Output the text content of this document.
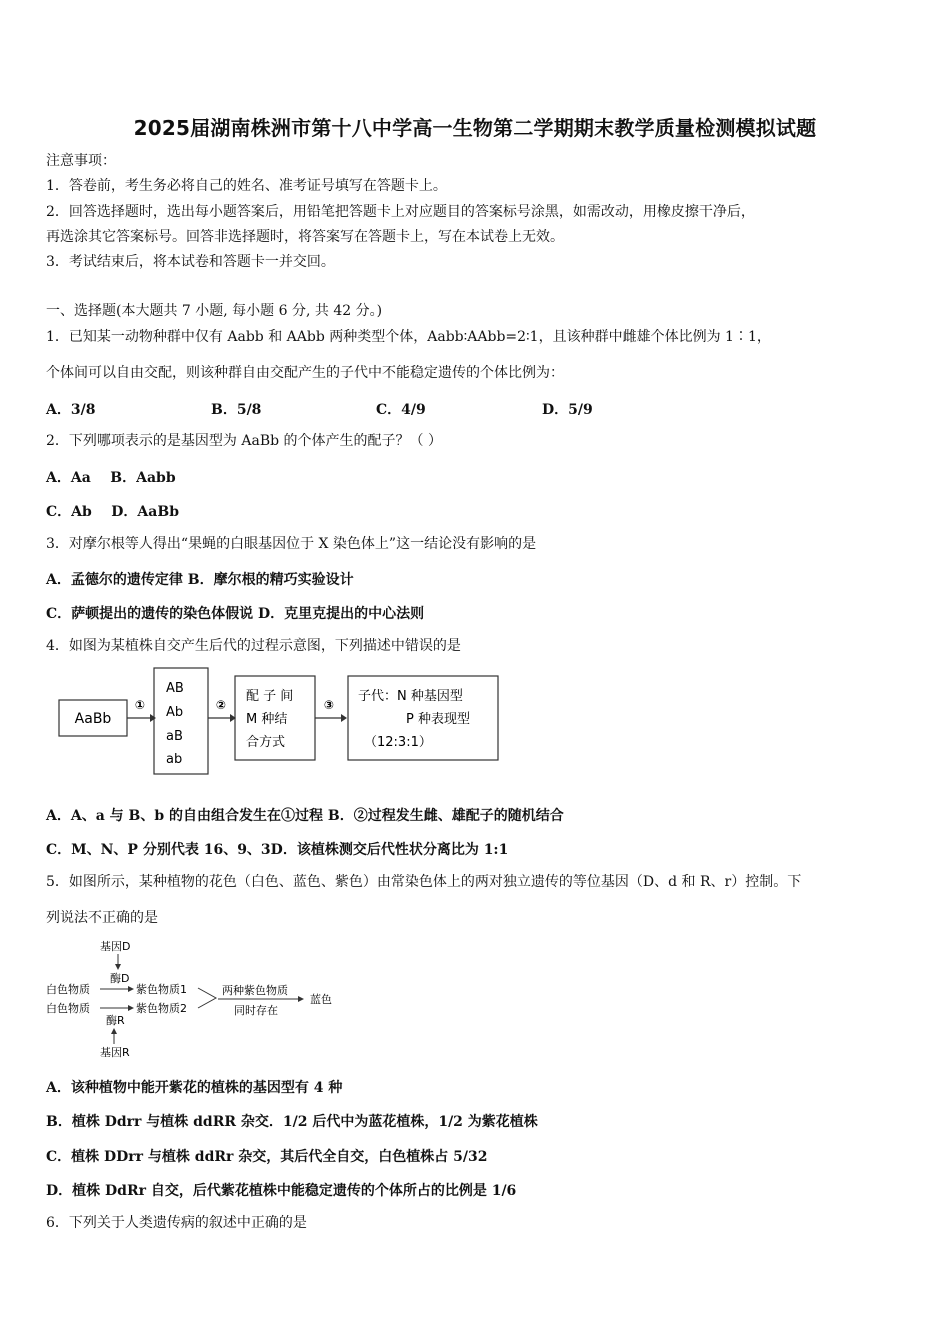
2025届湖南株洲市第十八中学高一生物第二学期期末教学质量检测模拟试题
注意事项：
1．答卷前，考生务必将自己的姓名、准考证号填写在答题卡上。
2．回答选择题时，选出每小题答案后，用铅笔把答题卡上对应题目的答案标号涂黑，如需改动，用橡皮擦干净后，
再选涂其它答案标号。回答非选择题时，将答案写在答题卡上，写在本试卷上无效。
3．考试结束后，将本试卷和答题卡一并交回。
一、选择题(本大题共 7 小题, 每小题 6 分, 共 42 分。)
1．已知某一动物种群中仅有 Aabb 和 AAbb 两种类型个体，Aabb∶AAbb=2∶1，且该种群中雌雄个体比例为 1∶1，
个体间可以自由交配，则该种群自由交配产生的子代中不能稳定遗传的个体比例为：
A．3/8	B．5/8	C．4/9	D．5/9
2．下列哪项表示的是基因型为 AaBb 的个体产生的配子？（ ）
A．Aa    B．Aabb
C．Ab    D．AaBb
3．对摩尔根等人得出“果蝇的白眼基因位于 X 染色体上”这一结论没有影响的是
A．孟德尔的遗传定律 B．摩尔根的精巧实验设计
C．萨顿提出的遗传的染色体假说 D．克里克提出的中心法则
4．如图为某植株自交产生后代的过程示意图，下列描述中错误的是
AaBb
①
AB
Ab
aB
ab
②
配 子 间
M 种结
合方式
③
子代：N 种基因型
P 种表现型
（12:3:1）
A．A、a 与 B、b 的自由组合发生在①过程 B．②过程发生雌、雄配子的随机结合
C．M、N、P 分别代表 16、9、3D．该植株测交后代性状分离比为 1:1
5．如图所示，某种植物的花色（白色、蓝色、紫色）由常染色体上的两对独立遗传的等位基因（D、d 和 R、r）控制。下
列说法不正确的是
基因D
酶D
白色物质	紫色物质1
白色物质	紫色物质2
两种紫色物质
同时存在
蓝色
酶R
基因R
A．该种植物中能开紫花的植株的基因型有 4 种
B．植株 Ddrr 与植株 ddRR 杂交．1/2 后代中为蓝花植株，1/2 为紫花植株
C．植株 DDrr 与植株 ddRr 杂交，其后代全自交，白色植株占 5/32
D．植株 DdRr 自交，后代紫花植株中能稳定遗传的个体所占的比例是 1/6
6．下列关于人类遗传病的叙述中正确的是
